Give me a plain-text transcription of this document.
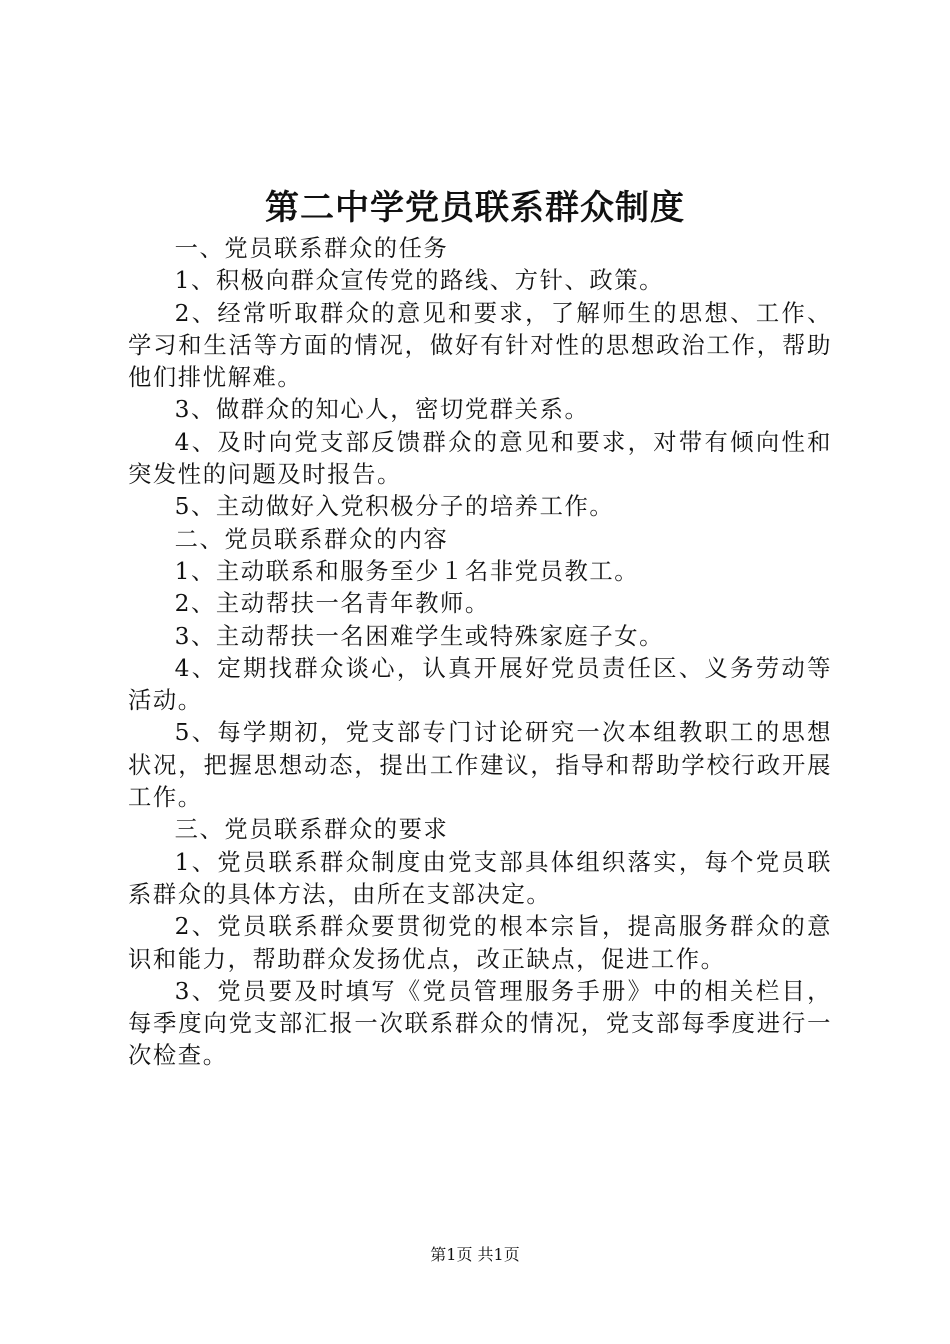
第二中学党员联系群众制度

一、党员联系群众的任务

1、积极向群众宣传党的路线、方针、政策。

2、经常听取群众的意见和要求，了解师生的思想、工作、学习和生活等方面的情况，做好有针对性的思想政治工作，帮助他们排忧解难。

3、做群众的知心人，密切党群关系。

4、及时向党支部反馈群众的意见和要求，对带有倾向性和突发性的问题及时报告。

5、主动做好入党积极分子的培养工作。

二、党员联系群众的内容

1、主动联系和服务至少１名非党员教工。

2、主动帮扶一名青年教师。

3、主动帮扶一名困难学生或特殊家庭子女。

4、定期找群众谈心，认真开展好党员责任区、义务劳动等活动。

5、每学期初，党支部专门讨论研究一次本组教职工的思想状况，把握思想动态，提出工作建议，指导和帮助学校行政开展工作。

三、党员联系群众的要求

1、党员联系群众制度由党支部具体组织落实，每个党员联系群众的具体方法，由所在支部决定。

2、党员联系群众要贯彻党的根本宗旨，提高服务群众的意识和能力，帮助群众发扬优点，改正缺点，促进工作。

3、党员要及时填写《党员管理服务手册》中的相关栏目，每季度向党支部汇报一次联系群众的情况，党支部每季度进行一次检查。

第1页 共1页
